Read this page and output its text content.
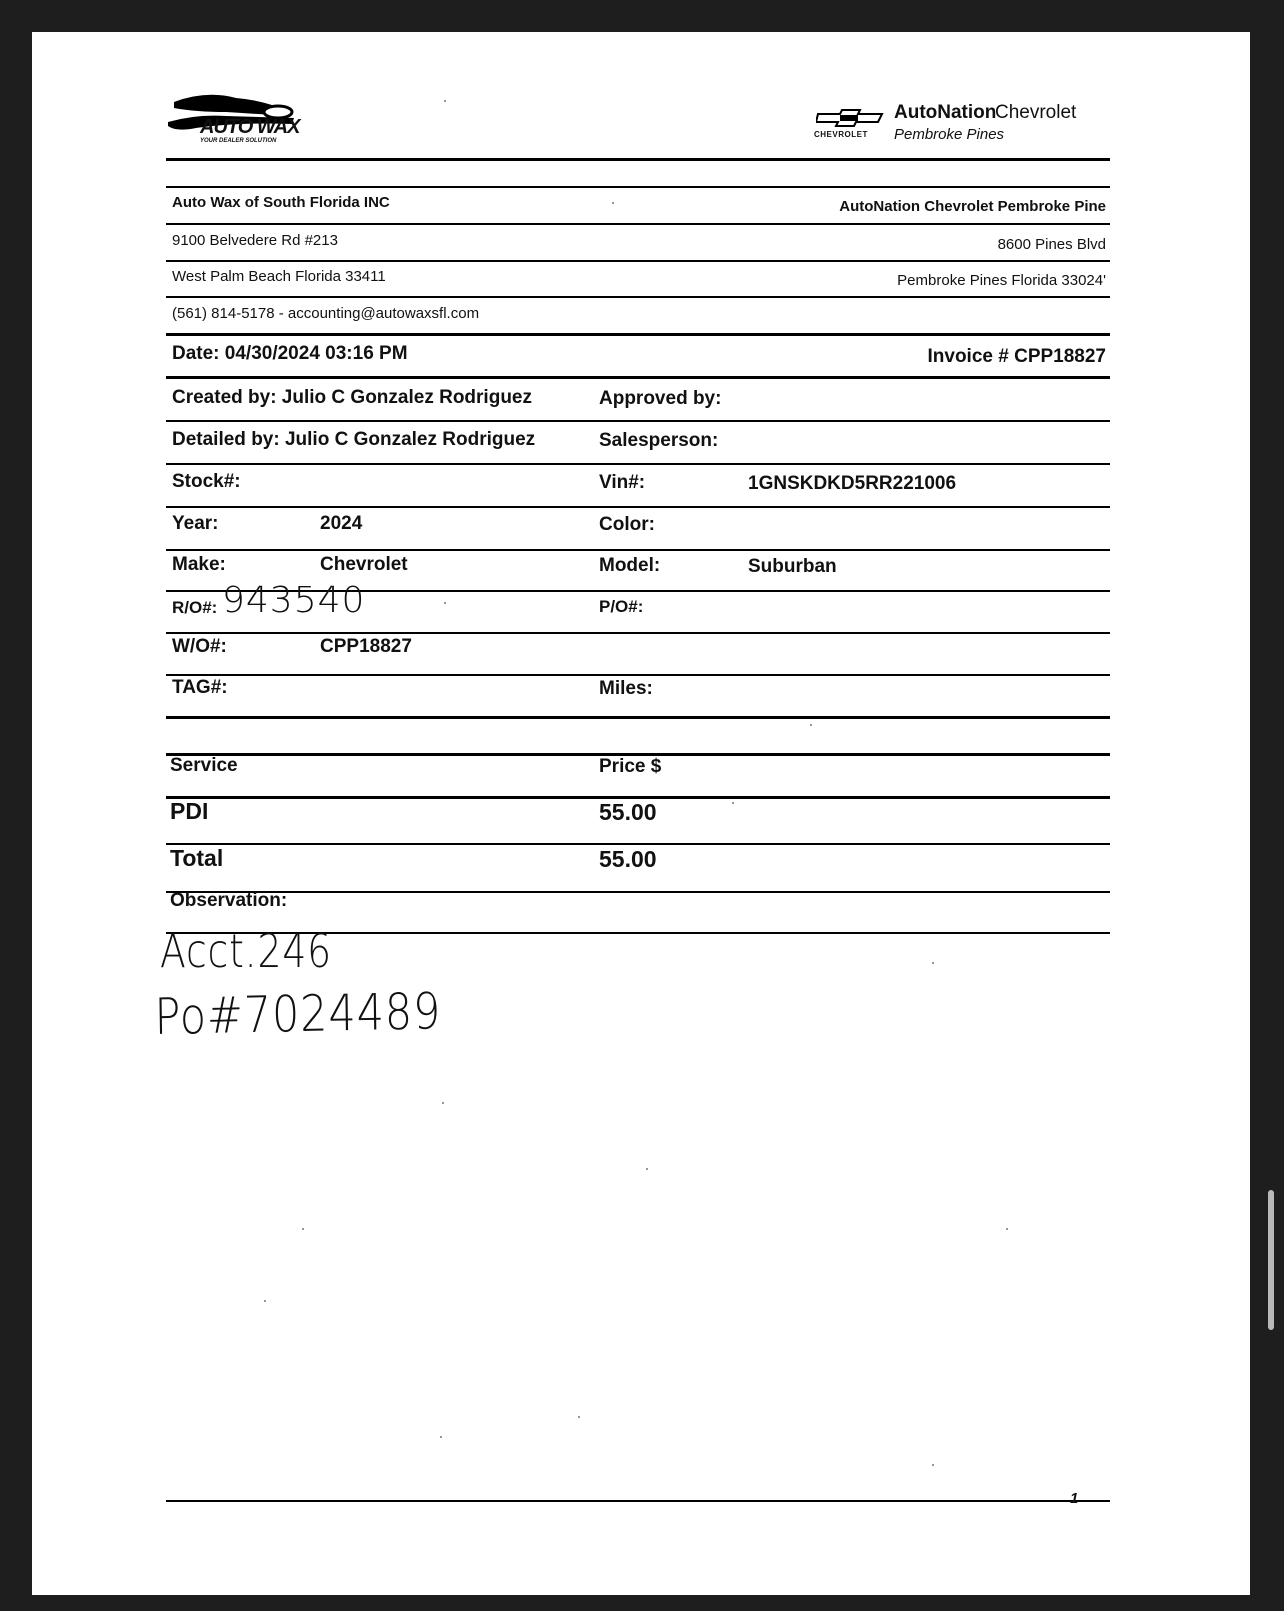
AUTO WAX
YOUR DEALER SOLUTION
CHEVROLET
AutoNation
Chevrolet
Pembroke Pines
Auto Wax of South Florida INC	AutoNation Chevrolet Pembroke Pine
9100 Belvedere Rd #213	8600 Pines Blvd
West Palm Beach Florida 33411	Pembroke Pines Florida 33024'
(561) 814-5178 - accounting@autowaxsfl.com
Date: 04/30/2024 03:16 PM	Invoice # CPP18827
Created by: Julio C Gonzalez Rodriguez	Approved by:
Detailed by: Julio C Gonzalez Rodriguez	Salesperson:
Stock#:	Vin#:	1GNSKDKD5RR221006
Year:	2024	Color:
Make:	Chevrolet	Model:	Suburban
R/O#: 943540	P/O#:
W/O#:	CPP18827
TAG#:	Miles:
Service	Price $
PDI	55.00
Total	55.00
Observation:
Acct.246
Po#7024489
1
